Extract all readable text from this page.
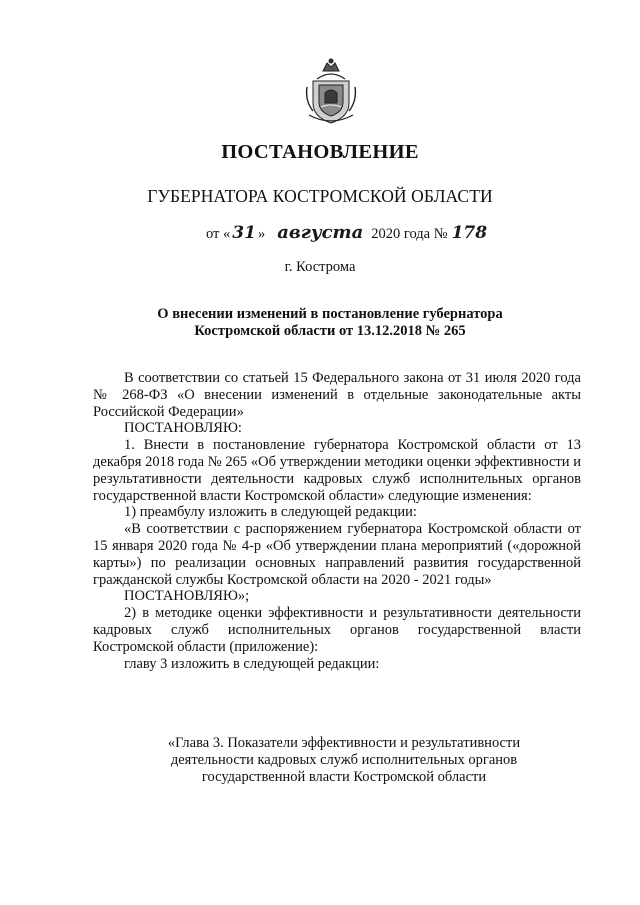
ПОСТАНОВЛЕНИЕ
ГУБЕРНАТОРА КОСТРОМСКОЙ ОБЛАСТИ
от « 31 » августа 2020 года № 178
г. Кострома
О внесении изменений в постановление губернатора
Костромской области от 13.12.2018 № 265

В соответствии со статьей 15 Федерального закона от 31 июля 2020 года № 268-ФЗ «О внесении изменений в отдельные законодательные акты Российской Федерации»

ПОСТАНОВЛЯЮ:

1. Внести в постановление губернатора Костромской области от 13 декабря 2018 года № 265 «Об утверждении методики оценки эффективности и результативности деятельности кадровых служб исполнительных органов государственной власти Костромской области» следующие изменения:

1) преамбулу изложить в следующей редакции:

«В соответствии с распоряжением губернатора Костромской области от 15 января 2020 года № 4-р «Об утверждении плана мероприятий («дорожной карты») по реализации основных направлений развития государственной гражданской службы Костромской области на 2020 - 2021 годы»

ПОСТАНОВЛЯЮ»;

2) в методике оценки эффективности и результативности деятельности кадровых служб исполнительных органов государственной власти Костромской области (приложение):

главу 3 изложить в следующей редакции:

«Глава 3. Показатели эффективности и результативности
деятельности кадровых служб исполнительных органов
государственной власти Костромской области
